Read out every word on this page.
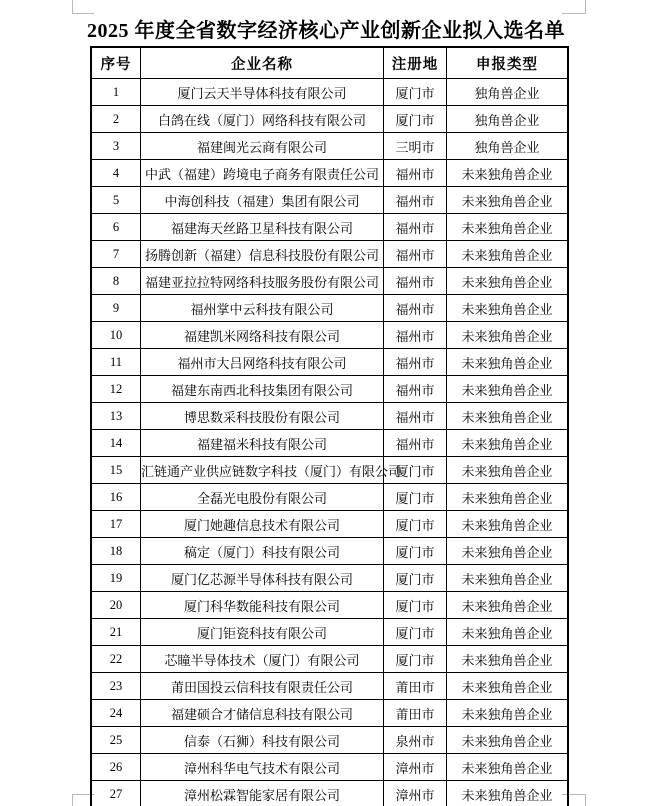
2025 年度全省数字经济核心产业创新企业拟入选名单
序号	企业名称	注册地	申报类型
1	厦门云天半导体科技有限公司	厦门市	独角兽企业
2	白鸽在线（厦门）网络科技有限公司	厦门市	独角兽企业
3	福建闽光云商有限公司	三明市	独角兽企业
4	中武（福建）跨境电子商务有限责任公司	福州市	未来独角兽企业
5	中海创科技（福建）集团有限公司	福州市	未来独角兽企业
6	福建海天丝路卫星科技有限公司	福州市	未来独角兽企业
7	扬腾创新（福建）信息科技股份有限公司	福州市	未来独角兽企业
8	福建亚拉拉特网络科技服务股份有限公司	福州市	未来独角兽企业
9	福州掌中云科技有限公司	福州市	未来独角兽企业
10	福建凯米网络科技有限公司	福州市	未来独角兽企业
11	福州市大吕网络科技有限公司	福州市	未来独角兽企业
12	福建东南西北科技集团有限公司	福州市	未来独角兽企业
13	博思数采科技股份有限公司	福州市	未来独角兽企业
14	福建福米科技有限公司	福州市	未来独角兽企业
15	汇链通产业供应链数字科技（厦门）有限公司	厦门市	未来独角兽企业
16	全磊光电股份有限公司	厦门市	未来独角兽企业
17	厦门她趣信息技术有限公司	厦门市	未来独角兽企业
18	稿定（厦门）科技有限公司	厦门市	未来独角兽企业
19	厦门亿芯源半导体科技有限公司	厦门市	未来独角兽企业
20	厦门科华数能科技有限公司	厦门市	未来独角兽企业
21	厦门钜瓷科技有限公司	厦门市	未来独角兽企业
22	芯瞳半导体技术（厦门）有限公司	厦门市	未来独角兽企业
23	莆田国投云信科技有限责任公司	莆田市	未来独角兽企业
24	福建硕合才储信息科技有限公司	莆田市	未来独角兽企业
25	信泰（石狮）科技有限公司	泉州市	未来独角兽企业
26	漳州科华电气技术有限公司	漳州市	未来独角兽企业
27	漳州松霖智能家居有限公司	漳州市	未来独角兽企业
